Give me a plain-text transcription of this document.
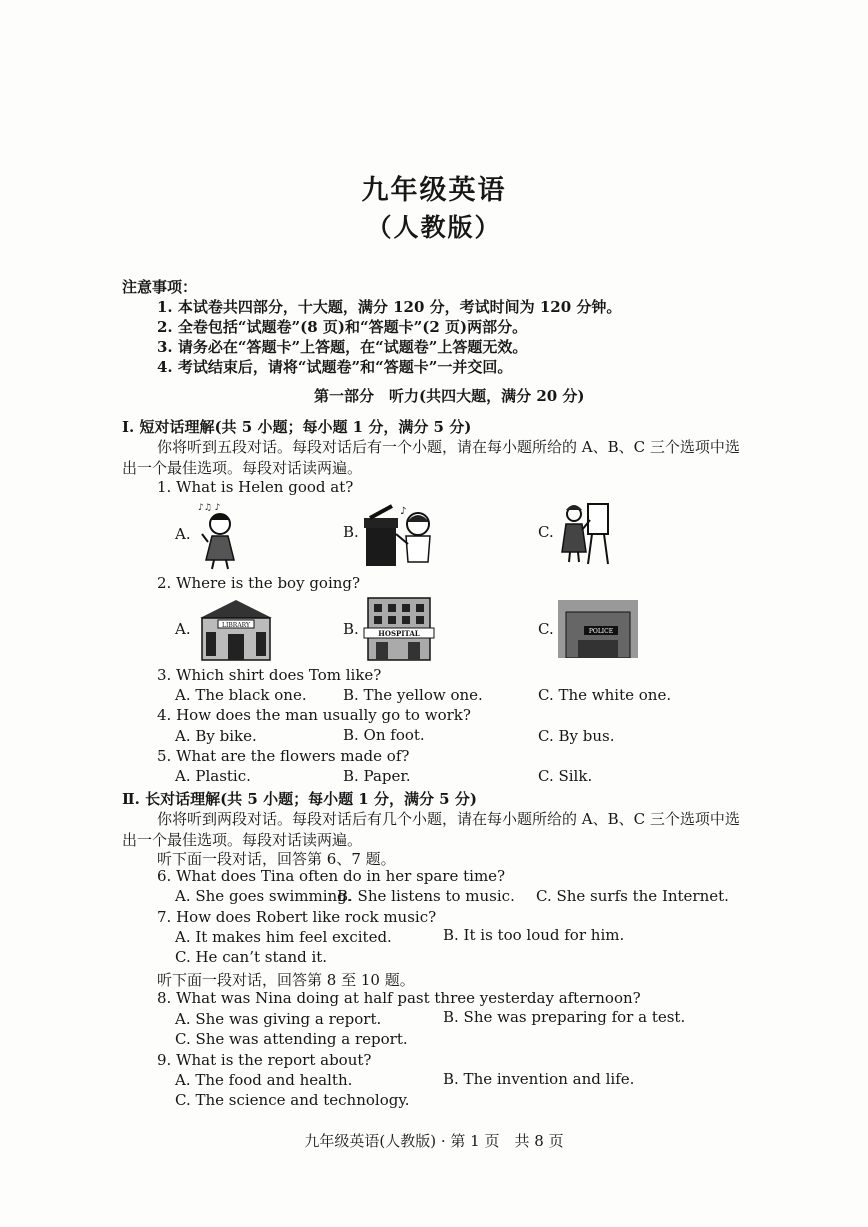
九年级英语
（人教版）
注意事项：
1. 本试卷共四部分，十大题，满分 120 分，考试时间为 120 分钟。
2. 全卷包括“试题卷”(8 页)和“答题卡”(2 页)两部分。
3. 请务必在“答题卡”上答题，在“试题卷”上答题无效。
4. 考试结束后，请将“试题卷”和“答题卡”一并交回。
第一部分　听力(共四大题，满分 20 分)
Ⅰ. 短对话理解(共 5 小题；每小题 1 分，满分 5 分)
你将听到五段对话。每段对话后有一个小题，请在每小题所给的 A、B、C 三个选项中选
出一个最佳选项。每段对话读两遍。
1. What is Helen good at?
A.	B.	C.
♪♫ ♪	♪
2. Where is the boy going?
A.	B.	C.
LIBRARY
HOSPITAL	POLICE
3. Which shirt does Tom like?
A. The black one. B. The yellow one.	C. The white one.
4. How does the man usually go to work?
A. By bike.	B. On foot.	C. By bus.
5. What are the flowers made of?
A. Plastic.	B. Paper.	C. Silk.
Ⅱ. 长对话理解(共 5 小题；每小题 1 分，满分 5 分)
你将听到两段对话。每段对话后有几个小题，请在每小题所给的 A、B、C 三个选项中选
出一个最佳选项。每段对话读两遍。
听下面一段对话，回答第 6、7 题。
6. What does Tina often do in her spare time?
A. She goes swimming.
B. She listens to music. C. She surfs the Internet.
7. How does Robert like rock music?
A. It makes him feel excited.	B. It is too loud for him.
C. He can’t stand it.
听下面一段对话，回答第 8 至 10 题。
8. What was Nina doing at half past three yesterday afternoon?
A. She was giving a report.	B. She was preparing for a test.
C. She was attending a report.
9. What is the report about?
A. The food and health.	B. The invention and life.
C. The science and technology.
九年级英语(人教版) · 第 1 页　共 8 页
